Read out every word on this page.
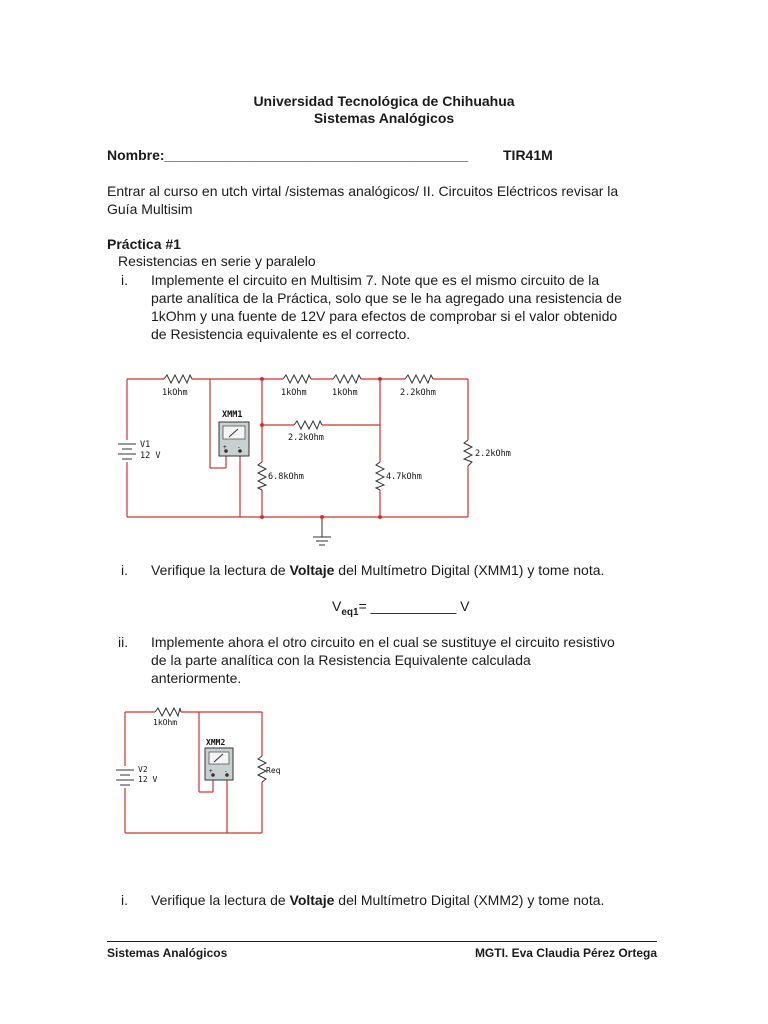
Universidad Tecnológica de Chihuahua
Sistemas Analógicos
Nombre:_______________________________________ TIR41M
Entrar al curso en utch virtal /sistemas analógicos/ II. Circuitos Eléctricos revisar la
Guía Multisim
Práctica #1
Resistencias en serie y paralelo
i. Implemente el circuito en Multisim 7. Note que es el mismo circuito de la
parte analítica de la Práctica, solo que se le ha agregado una resistencia de
1kOhm y una fuente de 12V para efectos de comprobar si el valor obtenido
de Resistencia equivalente es el correcto.
1kOhm	1kOhm	1kOhm	2.2kOhm
2.2kOhm
6.8kOhm	4.7kOhm
2.2kOhm
XMM1
V1
12 V
+ -
i. Verifique la lectura de Voltaje del Multímetro Digital (XMM1) y tome nota.
$V_{eq1}=$ ___________ V
ii. Implemente ahora el otro circuito en el cual se sustituye el circuito resistivo
de la parte analítica con la Resistencia Equivalente calculada
anteriormente.
1kOhm
Req
XMM2
V2
12 V
+ -
i. Verifique la lectura de Voltaje del Multímetro Digital (XMM2) y tome nota.
Sistemas Analógicos	MGTI. Eva Claudia Pérez Ortega
